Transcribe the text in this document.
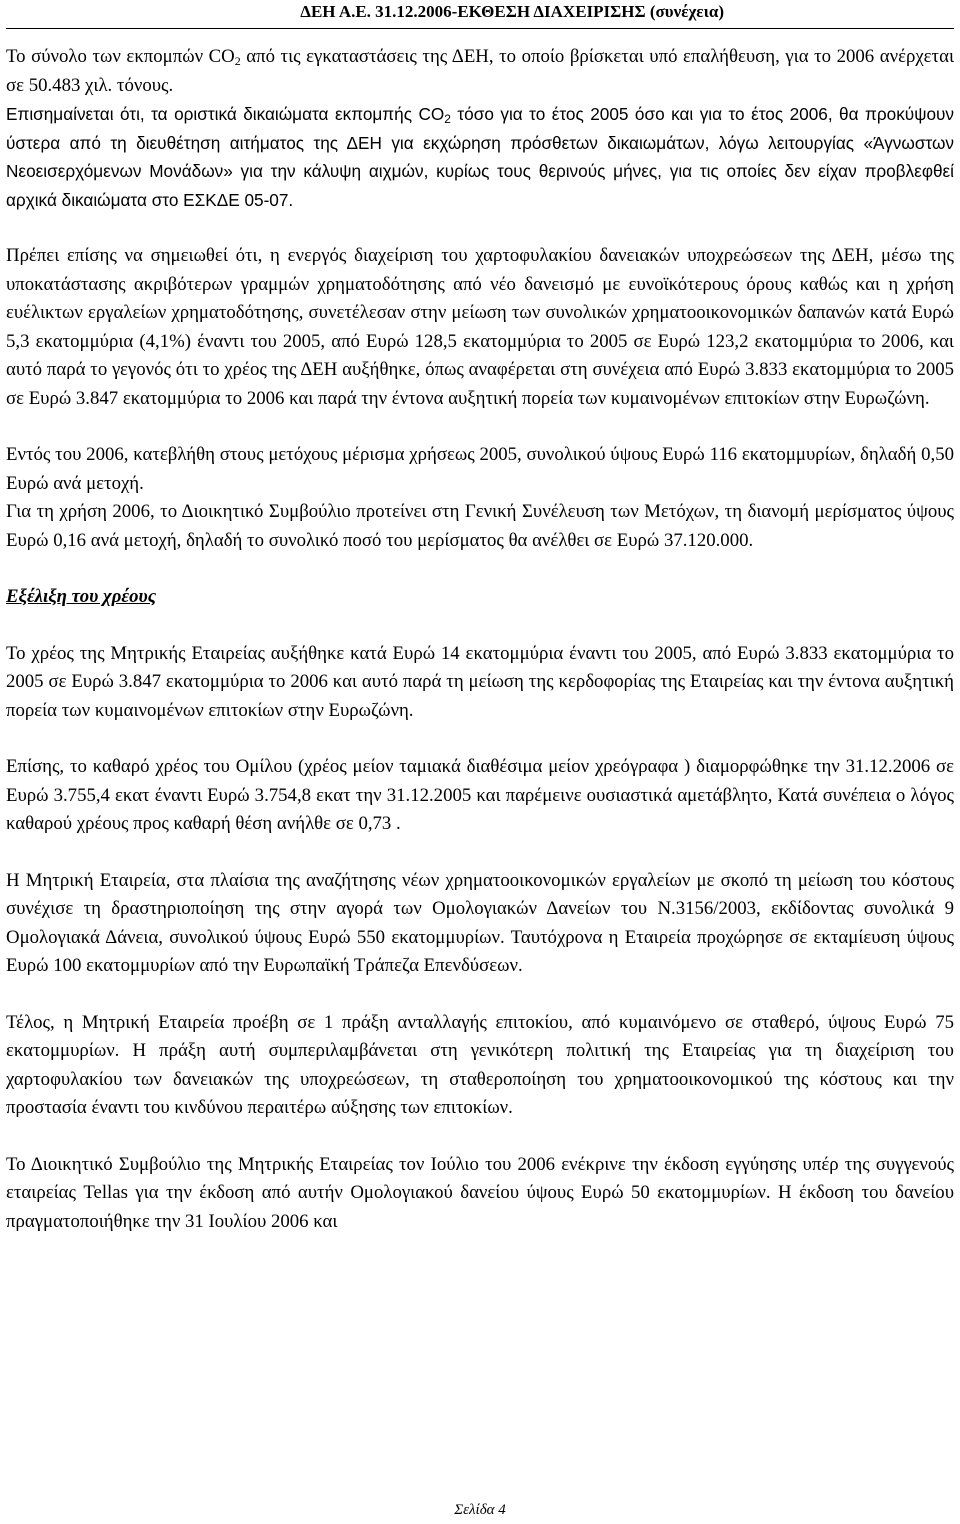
ΔΕΗ Α.Ε. 31.12.2006-ΕΚΘΕΣΗ ΔΙΑΧΕΙΡΙΣΗΣ (συνέχεια)

Το σύνολο των εκπομπών $CO_2$ από τις εγκαταστάσεις της ΔΕΗ, το οποίο βρίσκεται υπό επαλήθευση, για το 2006 ανέρχεται σε 50.483 χιλ. τόνους.

Επισημαίνεται ότι, τα οριστικά δικαιώματα εκπομπής $CO_2$ τόσο για το έτος 2005 όσο και για το έτος 2006, θα προκύψουν ύστερα από τη διευθέτηση αιτήματος της ΔΕΗ για εκχώρηση πρόσθετων δικαιωμάτων, λόγω λειτουργίας «Άγνωστων Νεοεισερχόμενων Μονάδων» για την κάλυψη αιχμών, κυρίως τους θερινούς μήνες, για τις οποίες δεν είχαν προβλεφθεί αρχικά δικαιώματα στο ΕΣΚΔΕ 05-07.

Πρέπει επίσης να σημειωθεί ότι, η ενεργός διαχείριση του χαρτοφυλακίου δανειακών υποχρεώσεων της ΔΕΗ, μέσω της υποκατάστασης ακριβότερων γραμμών χρηματοδότησης από νέο δανεισμό με ευνοϊκότερους όρους καθώς και η χρήση ευέλικτων εργαλείων χρηματοδότησης, συνετέλεσαν στην μείωση των συνολικών χρηματοοικονομικών δαπανών κατά Ευρώ 5,3 εκατομμύρια (4,1%) έναντι του 2005, από Ευρώ 128,5 εκατομμύρια το 2005 σε Ευρώ 123,2 εκατομμύρια το 2006, και αυτό παρά το γεγονός ότι το χρέος της ΔΕΗ αυξήθηκε, όπως αναφέρεται στη συνέχεια από Ευρώ 3.833 εκατομμύρια το 2005 σε Ευρώ 3.847 εκατομμύρια το 2006 και παρά την έντονα αυξητική πορεία των κυμαινομένων επιτοκίων στην Ευρωζώνη.

Εντός του 2006, κατεβλήθη στους μετόχους μέρισμα χρήσεως 2005, συνολικού ύψους Ευρώ 116 εκατομμυρίων, δηλαδή 0,50 Ευρώ ανά μετοχή.

Για τη χρήση 2006, το Διοικητικό Συμβούλιο προτείνει στη Γενική Συνέλευση των Μετόχων, τη διανομή μερίσματος ύψους Ευρώ 0,16 ανά μετοχή, δηλαδή το συνολικό ποσό του μερίσματος θα ανέλθει σε Ευρώ 37.120.000.

Εξέλιξη του χρέους

Το χρέος της Μητρικής Εταιρείας αυξήθηκε κατά Ευρώ 14 εκατομμύρια έναντι του 2005, από Ευρώ 3.833 εκατομμύρια το 2005 σε Ευρώ 3.847 εκατομμύρια το 2006 και αυτό παρά τη μείωση της κερδοφορίας της Εταιρείας και την έντονα αυξητική πορεία των κυμαινομένων επιτοκίων στην Ευρωζώνη.

Επίσης, το καθαρό χρέος του Ομίλου (χρέος μείον ταμιακά διαθέσιμα μείον χρεόγραφα ) διαμορφώθηκε την 31.12.2006 σε Ευρώ 3.755,4 εκατ έναντι Ευρώ 3.754,8 εκατ την 31.12.2005 και παρέμεινε ουσιαστικά αμετάβλητο, Κατά συνέπεια ο λόγος καθαρού χρέους προς καθαρή θέση ανήλθε σε 0,73 .

Η Μητρική Εταιρεία, στα πλαίσια της αναζήτησης νέων χρηματοοικονομικών εργαλείων με σκοπό τη μείωση του κόστους συνέχισε τη δραστηριοποίηση της στην αγορά των Ομολογιακών Δανείων του Ν.3156/2003, εκδίδοντας συνολικά 9 Ομολογιακά Δάνεια, συνολικού ύψους Ευρώ 550 εκατομμυρίων. Ταυτόχρονα η Εταιρεία προχώρησε σε εκταμίευση ύψους Ευρώ 100 εκατομμυρίων από την Ευρωπαϊκή Τράπεζα Επενδύσεων.

Τέλος, η Μητρική Εταιρεία προέβη σε 1 πράξη ανταλλαγής επιτοκίου, από κυμαινόμενο σε σταθερό, ύψους Ευρώ 75 εκατομμυρίων. Η πράξη αυτή συμπεριλαμβάνεται στη γενικότερη πολιτική της Εταιρείας για τη διαχείριση του χαρτοφυλακίου των δανειακών της υποχρεώσεων, τη σταθεροποίηση του χρηματοοικονομικού της κόστους και την προστασία έναντι του κινδύνου περαιτέρω αύξησης των επιτοκίων.

Το Διοικητικό Συμβούλιο της Μητρικής Εταιρείας τον Ιούλιο του 2006 ενέκρινε την έκδοση εγγύησης υπέρ της συγγενούς εταιρείας Tellas για την έκδοση από αυτήν Ομολογιακού δανείου ύψους Ευρώ 50 εκατομμυρίων. Η έκδοση του δανείου πραγματοποιήθηκε την 31 Ιουλίου 2006 και

Σελίδα 4
